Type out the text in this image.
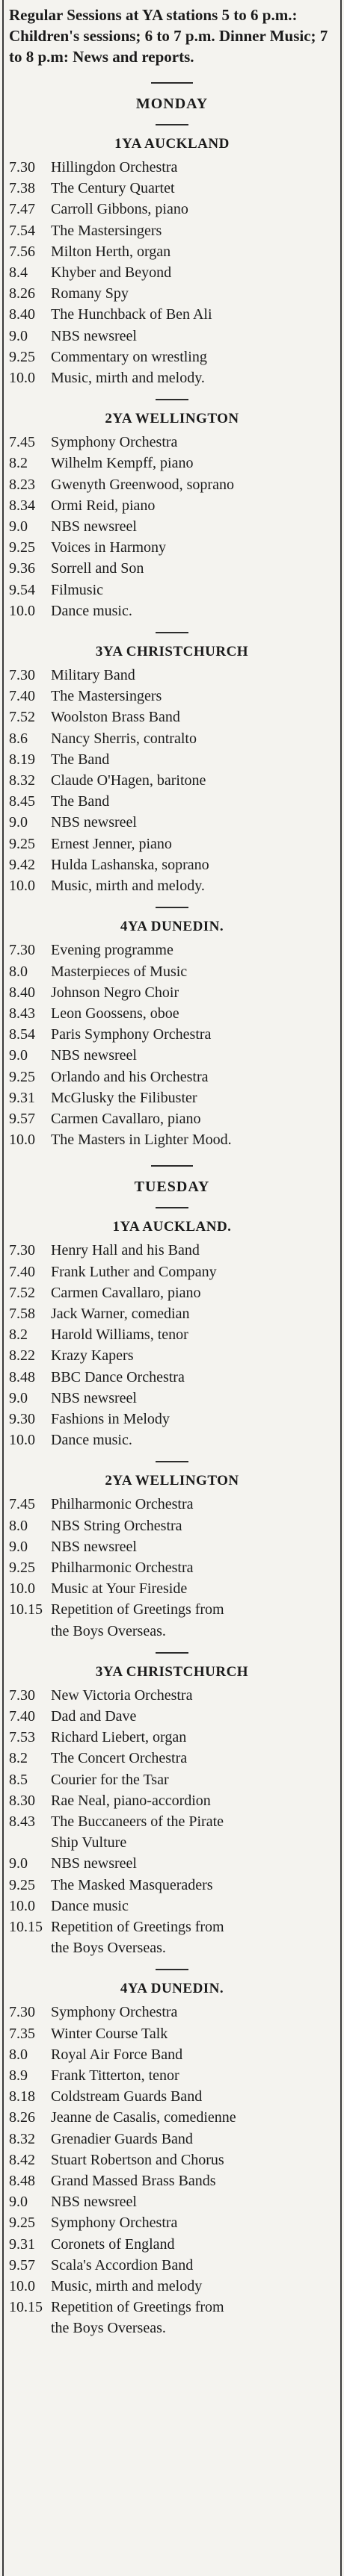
Regular Sessions at YA stations 5 to 6 p.m.: Children's sessions; 6 to 7 p.m. Dinner Music; 7 to 8 p.m: News and reports.
MONDAY
1YA AUCKLAND
7.30	Hillingdon Orchestra
7.38	The Century Quartet
7.47	Carroll Gibbons, piano
7.54	The Mastersingers
7.56	Milton Herth, organ
8.4	Khyber and Beyond
8.26	Romany Spy
8.40	The Hunchback of Ben Ali
9.0	NBS newsreel
9.25	Commentary on wrestling
10.0	Music, mirth and melody.
2YA WELLINGTON
7.45	Symphony Orchestra
8.2	Wilhelm Kempff, piano
8.23	Gwenyth Greenwood, soprano
8.34	Ormi Reid, piano
9.0	NBS newsreel
9.25	Voices in Harmony
9.36	Sorrell and Son
9.54	Filmusic
10.0	Dance music.
3YA CHRISTCHURCH
7.30	Military Band
7.40	The Mastersingers
7.52	Woolston Brass Band
8.6	Nancy Sherris, contralto
8.19	The Band
8.32	Claude O'Hagen, baritone
8.45	The Band
9.0	NBS newsreel
9.25	Ernest Jenner, piano
9.42	Hulda Lashanska, soprano
10.0	Music, mirth and melody.
4YA DUNEDIN.
7.30	Evening programme
8.0	Masterpieces of Music
8.40	Johnson Negro Choir
8.43	Leon Goossens, oboe
8.54	Paris Symphony Orchestra
9.0	NBS newsreel
9.25	Orlando and his Orchestra
9.31	McGlusky the Filibuster
9.57	Carmen Cavallaro, piano
10.0	The Masters in Lighter Mood.
TUESDAY
1YA AUCKLAND.
7.30	Henry Hall and his Band
7.40	Frank Luther and Company
7.52	Carmen Cavallaro, piano
7.58	Jack Warner, comedian
8.2	Harold Williams, tenor
8.22	Krazy Kapers
8.48	BBC Dance Orchestra
9.0	NBS newsreel
9.30	Fashions in Melody
10.0	Dance music.
2YA WELLINGTON
7.45	Philharmonic Orchestra
8.0	NBS String Orchestra
9.0	NBS newsreel
9.25	Philharmonic Orchestra
10.0	Music at Your Fireside
10.15 Repetition of Greetings from
the Boys Overseas.
3YA CHRISTCHURCH
7.30	New Victoria Orchestra
7.40	Dad and Dave
7.53	Richard Liebert, organ
8.2	The Concert Orchestra
8.5	Courier for the Tsar
8.30	Rae Neal, piano-accordion
8.43	The Buccaneers of the Pirate
Ship Vulture
9.0	NBS newsreel
9.25	The Masked Masqueraders
10.0	Dance music
10.15 Repetition of Greetings from
the Boys Overseas.
4YA DUNEDIN.
7.30	Symphony Orchestra
7.35	Winter Course Talk
8.0	Royal Air Force Band
8.9	Frank Titterton, tenor
8.18	Coldstream Guards Band
8.26	Jeanne de Casalis, comedienne
8.32	Grenadier Guards Band
8.42	Stuart Robertson and Chorus
8.48	Grand Massed Brass Bands
9.0	NBS newsreel
9.25	Symphony Orchestra
9.31	Coronets of England
9.57	Scala's Accordion Band
10.0	Music, mirth and melody
10.15 Repetition of Greetings from
the Boys Overseas.
